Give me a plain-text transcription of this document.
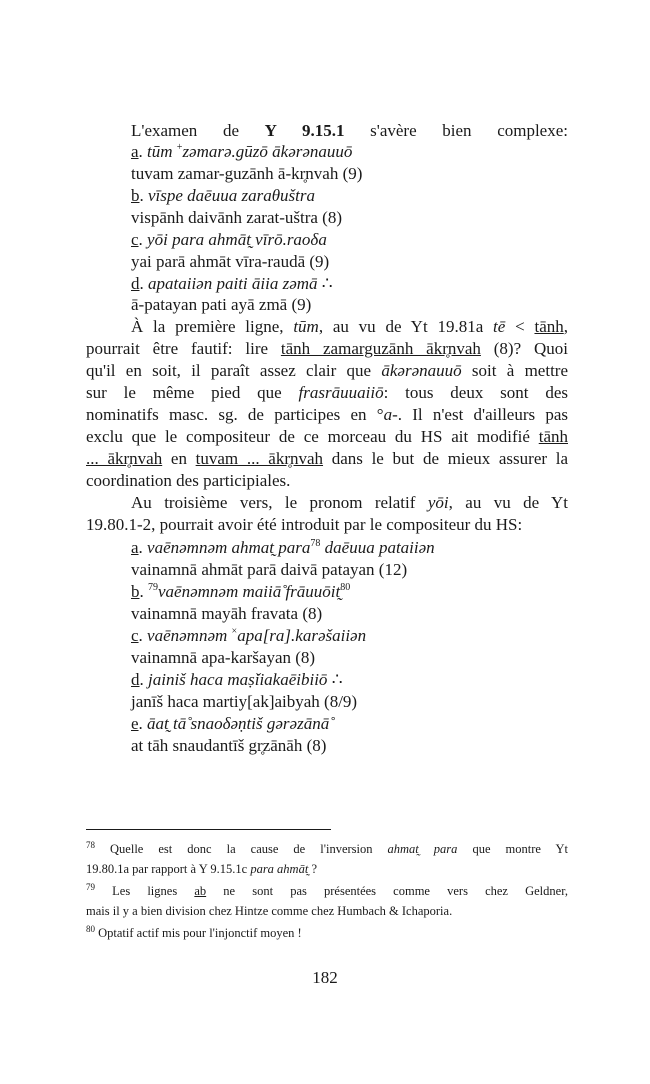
L'examen de Y 9.15.1 s'avère bien complexe:
a. tūm +zəmarə.gūzō ākərənauuō
tuvam zamar-guzānh ā-kr̥nvah (9)
b. vīspe daēuua zaraθuštra
vispānh daivānh zarat-uštra (8)
c. yōi para ahmāt̰ vīrō.raoδa
yai parā ahmāt vīra-raudā (9)
d. apataiiən paiti āiia zəmā ∴
ā-patayan pati ayā zmā (9)
À la première ligne, tūm, au vu de Yt 19.81a tē < tānh,
pourrait être fautif: lire tānh zamarguzānh ākr̥nvah (8)? Quoi
qu'il en soit, il paraît assez clair que ākərənauuō soit à mettre
sur le même pied que frasrāuuaiiō: tous deux sont des
nominatifs masc. sg. de participes en °a-. Il n'est d'ailleurs pas
exclu que le compositeur de ce morceau du HS ait modifié tānh
... ākr̥nvah en tuvam ... ākr̥nvah dans le but de mieux assurer la
coordination des participiales.
Au troisième vers, le pronom relatif yōi, au vu de Yt
19.80.1-2, pourrait avoir été introduit par le compositeur du HS:
a. vaēnəmnəm ahmat̰ para$^{78}$ daēuua pataiiən
vainamnā ahmāt parā daivā patayan (12)
b. $^{79}$vaēnəmnəm maiiā̊ frāuuōit̰$^{80}$
vainamnā mayāh fravata (8)
c. vaēnəmnəm ×apa[ra].karəšaiiən
vainamnā apa-karšayan (8)
d. jainiš haca maṣ̌iiakaēibiiō ∴
janīš haca martiy[ak]aibyah (8/9)
e. āat̰ tā̊ snaoδəṇtiš gərəzānā̊
at tāh snaudantīš gr̥zānāh (8)
$^{78}$ Quelle est donc la cause de l'inversion ahmat̰ para que montre Yt
19.80.1a par rapport à Y 9.15.1c para ahmāt̰ ?
$^{79}$ Les lignes ab ne sont pas présentées comme vers chez Geldner,
mais il y a bien division chez Hintze comme chez Humbach & Ichaporia.
$^{80}$ Optatif actif mis pour l'injonctif moyen !
182
